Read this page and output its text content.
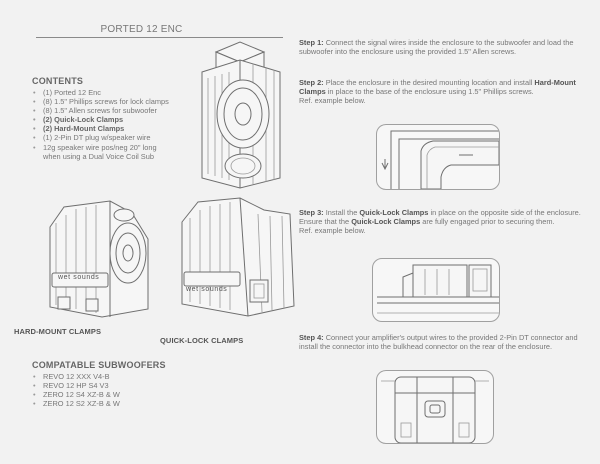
PORTED 12 ENC
CONTENTS
• (1) Ported 12 Enc
• (8) 1.5" Phillips screws for lock clamps
• (8) 1.5" Allen screws for subwoofer
• (2) Quick-Lock Clamps
• (2) Hard-Mount Clamps
• (1) 2-Pin DT plug w/speaker wire
• 12g speaker wire pos/neg 20" long
when using a Dual Voice Coil Sub
wet sounds
wet sounds
HARD-MOUNT CLAMPS
QUICK-LOCK CLAMPS
COMPATABLE SUBWOOFERS
• REVO 12 XXX V4-B
• REVO 12 HP S4 V3
• ZERO 12 S4 XZ-B & W
• ZERO 12 S2 XZ-B & W
Step 1: Connect the signal wires inside the enclosure to the subwoofer and load the subwoofer into the enclosure using the provided 1.5" Allen screws.
Step 2: Place the enclosure in the desired mounting location and install Hard-Mount Clamps in place to the base of the enclosure using 1.5" Phillips screws.
Ref. example below.
Step 3: Install the Quick-Lock Clamps in place on the opposite side of the enclosure. Ensure that the Quick-Lock Clamps are fully engaged prior to securing them.
Ref. example below.
Step 4: Connect your amplifier's output wires to the provided 2-Pin DT connector and install the connector into the bulkhead connector on the rear of the enclosure.
